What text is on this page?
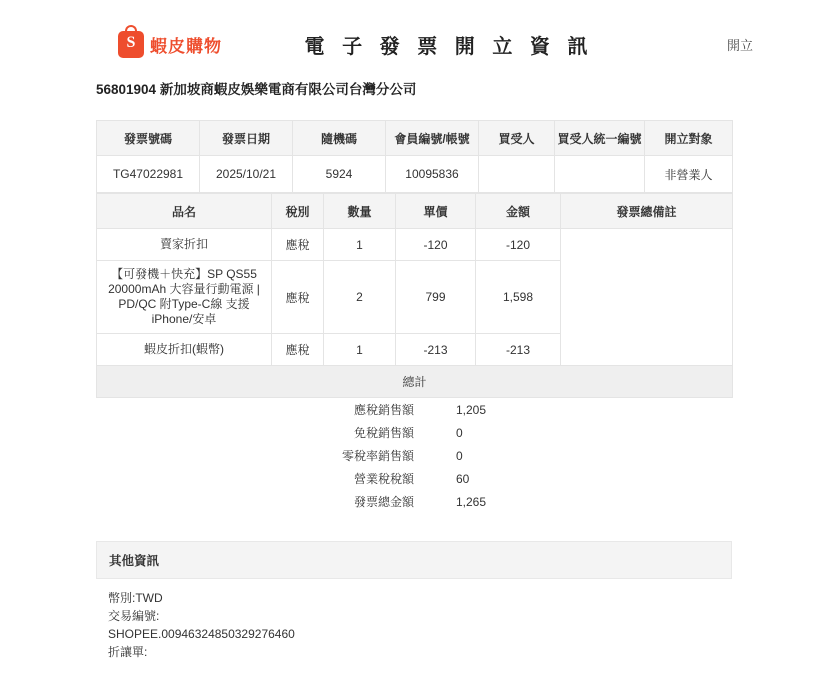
S 蝦皮購物	電 子 發 票 開 立 資 訊	開立
56801904 新加坡商蝦皮娛樂電商有限公司台灣分公司
發票號碼	發票日期	隨機碼	會員編號/帳號	買受人	買受人統一編號	開立對象
TG47022981	2025/10/21	5924	10095836			非營業人
品名	稅別	數量	單價	金額	發票總備註
賣家折扣	應稅	1	-120	-120	
【可發機＋快充】SP QS55 20000mAh 大容量行動電源 | PD/QC 附Type-C線 支援 iPhone/安卓	應稅	2	799	1,598	
蝦皮折扣(蝦幣)	應稅	1	-213	-213	
總計					
應稅銷售額	1,205
免稅銷售額	0
零稅率銷售額	0
營業稅稅額	60
發票總金額	1,265
其他資訊
幣別:TWD
交易編號:
SHOPEE.00946324850329276460
折讓單:
